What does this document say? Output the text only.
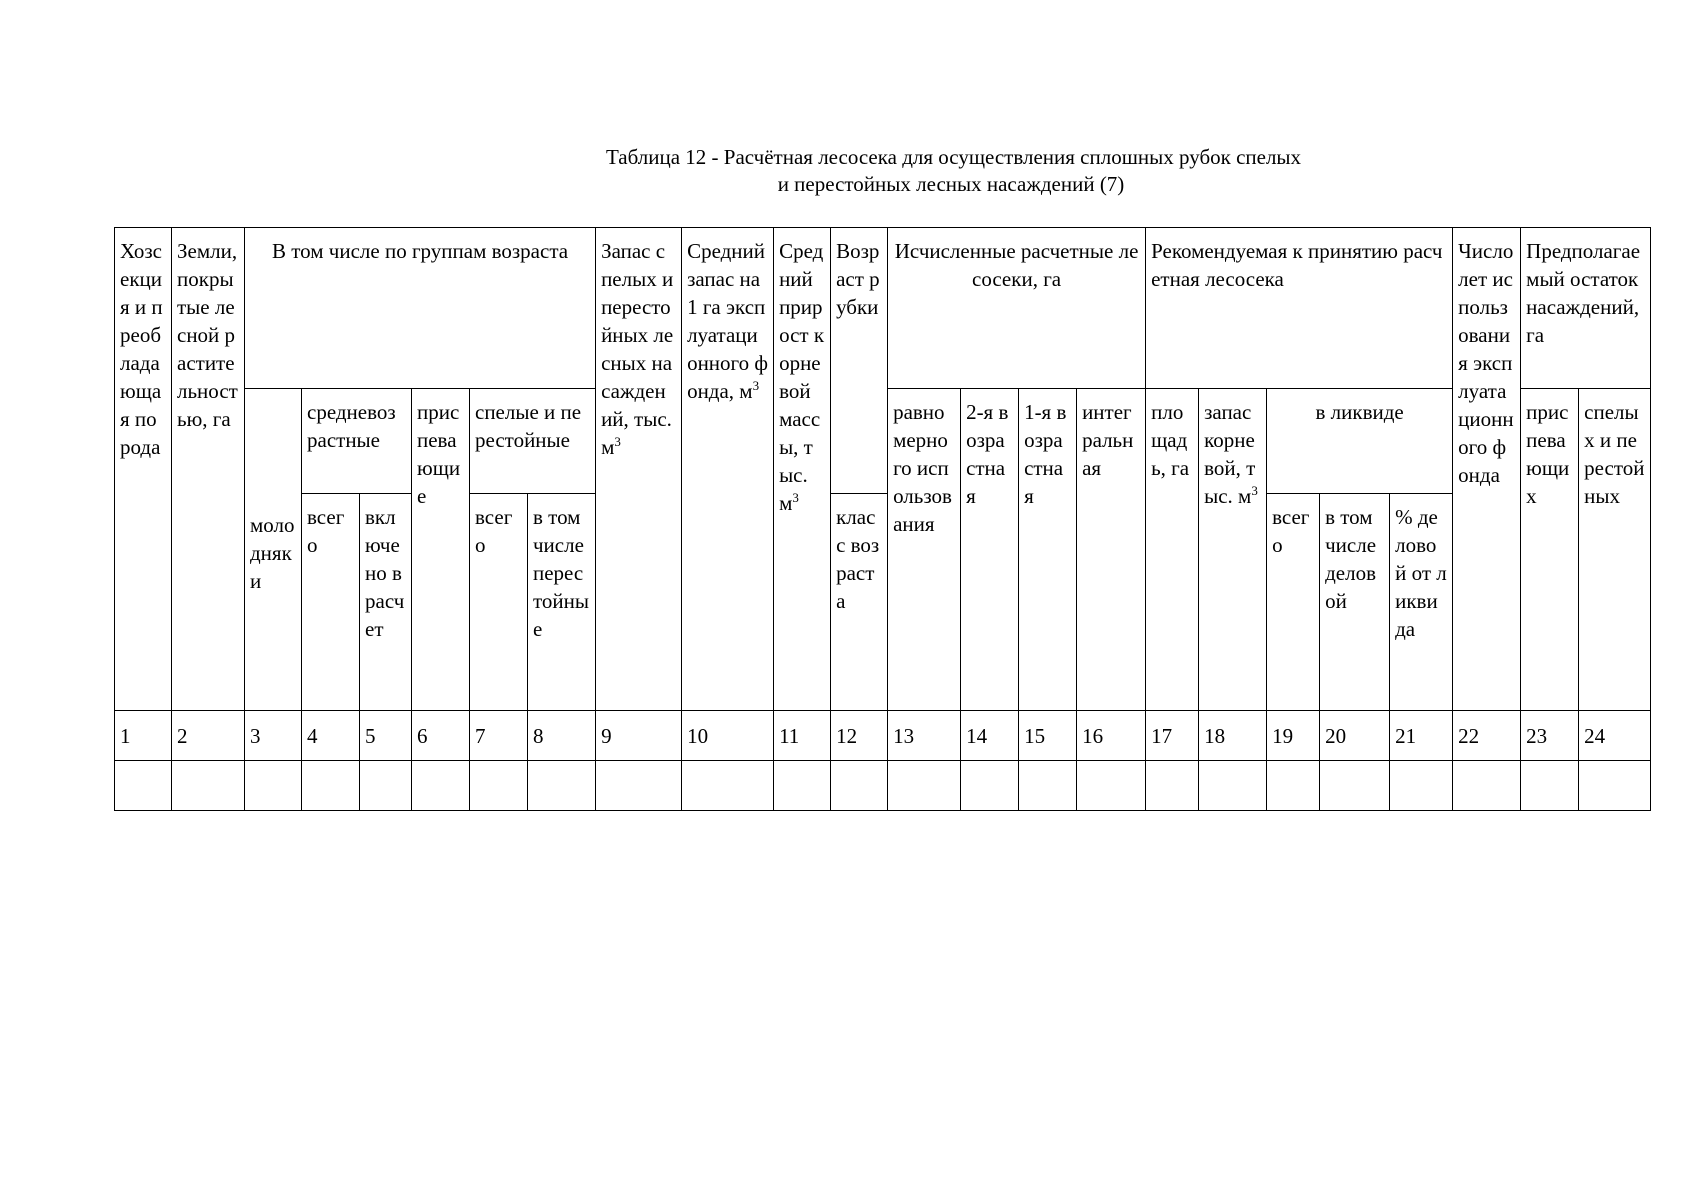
Таблица 12 - Расчётная лесосека для осуществления сплошных рубок спелых
и перестойных лесных насаждений (7)
Хозсекция и преобладающая порода	Земли, покрытые лесной растительностью, га	В том числе по группам возраста						Запас спелых и перестойных лесных насаждений, тыс. $м^3$	Средний запас на 1 га эксплуатационного фонда, $м^3$	Средний прирост корневой массы, тыс. $м^3$	Возраст рубки	Исчисленные расчетные лесосеки, га				Рекомендуемая к принятию расчетная лесосека					Число лет использования эксплуатационного фонда	Предполагаемый остаток насаждений, га	
		молодняки	средневозрастные		приспевающие	спелые и перестойные						равномерного использования	2-я возрастная	1-я возрастная	интегральная	площадь, га	запас корневой, тыс. $м^3$	в ликвиде				приспевающих	спелых и перестойных
			всего	включено в расчет		всего	в том числе перестойные				класс возраста							всего	в том числе деловой	% деловой от ликвида			
1	2	3	4	5	6	7	8	9	10	11	12	13	14	15	16	17	18	19	20	21	22	23	24
